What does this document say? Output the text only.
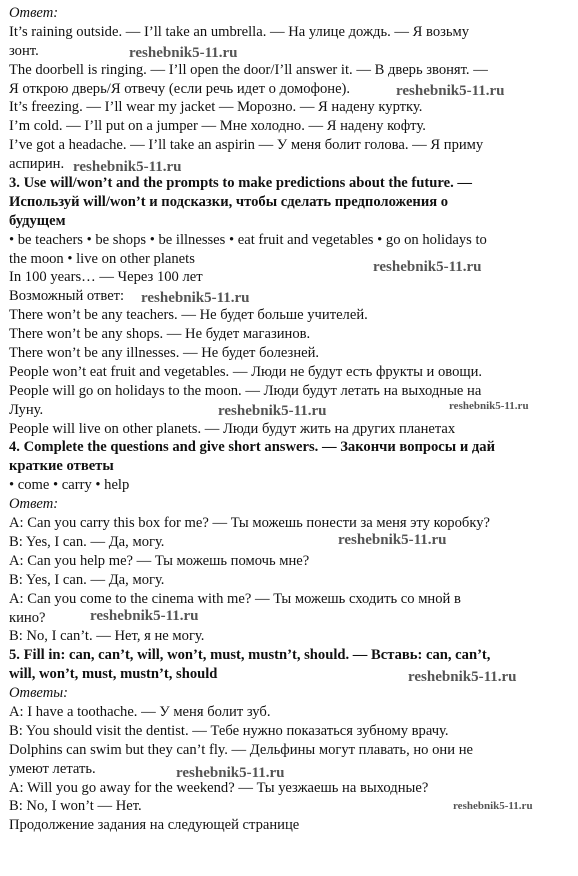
Ответ:
It’s raining outside. — I’ll take an umbrella. — На улице дождь. — Я возьму
зонт.
The doorbell is ringing. — I’ll open the door/I’ll answer it. — В дверь звонят. —
Я открою дверь/Я отвечу (если речь идет о домофоне).
It’s freezing. — I’ll wear my jacket — Морозно. — Я надену куртку.
I’m cold. — I’ll put on a jumper — Мне холодно. — Я надену кофту.
I’ve got a headache. — I’ll take an aspirin — У меня болит голова. — Я приму
аспирин.
3. Use will/won’t and the prompts to make predictions about the future. —
Используй will/won’t и подсказки, чтобы сделать предположения о
будущем
• be teachers • be shops • be illnesses • eat fruit and vegetables • go on holidays to
the moon • live on other planets
In 100 years… — Через 100 лет
Возможный ответ:
There won’t be any teachers. — Не будет больше учителей.
There won’t be any shops. — Не будет магазинов.
There won’t be any illnesses. — Не будет болезней.
People won’t eat fruit and vegetables. — Люди не будут есть фрукты и овощи.
People will go on holidays to the moon. — Люди будут летать на выходные на
Луну.
People will live on other planets. — Люди будут жить на других планетах
4. Complete the questions and give short answers. — Закончи вопросы и дай
краткие ответы
• come • carry • help
Ответ:
A: Can you carry this box for me? — Ты можешь понести за меня эту коробку?
B: Yes, I can. — Да, могу.
A: Can you help me? — Ты можешь помочь мне?
B: Yes, I can. — Да, могу.
A: Can you come to the cinema with me? — Ты можешь сходить со мной в
кино?
B: No, I can’t. — Нет, я не могу.
5. Fill in: can, can’t, will, won’t, must, mustn’t, should. — Вставь: can, can’t,
will, won’t, must, mustn’t, should
Ответы:
A: I have a toothache. — У меня болит зуб.
B: You should visit the dentist. — Тебе нужно показаться зубному врачу.
Dolphins can swim but they can’t fly. — Дельфины могут плавать, но они не
умеют летать.
A: Will you go away for the weekend? — Ты уезжаешь на выходные?
B: No, I won’t — Нет.
Продолжение задания на следующей странице
reshebnik5-11.ru
reshebnik5-11.ru
reshebnik5-11.ru
reshebnik5-11.ru
reshebnik5-11.ru
reshebnik5-11.ru
reshebnik5-11.ru
reshebnik5-11.ru
reshebnik5-11.ru
reshebnik5-11.ru
reshebnik5-11.ru
reshebnik5-11.ru
